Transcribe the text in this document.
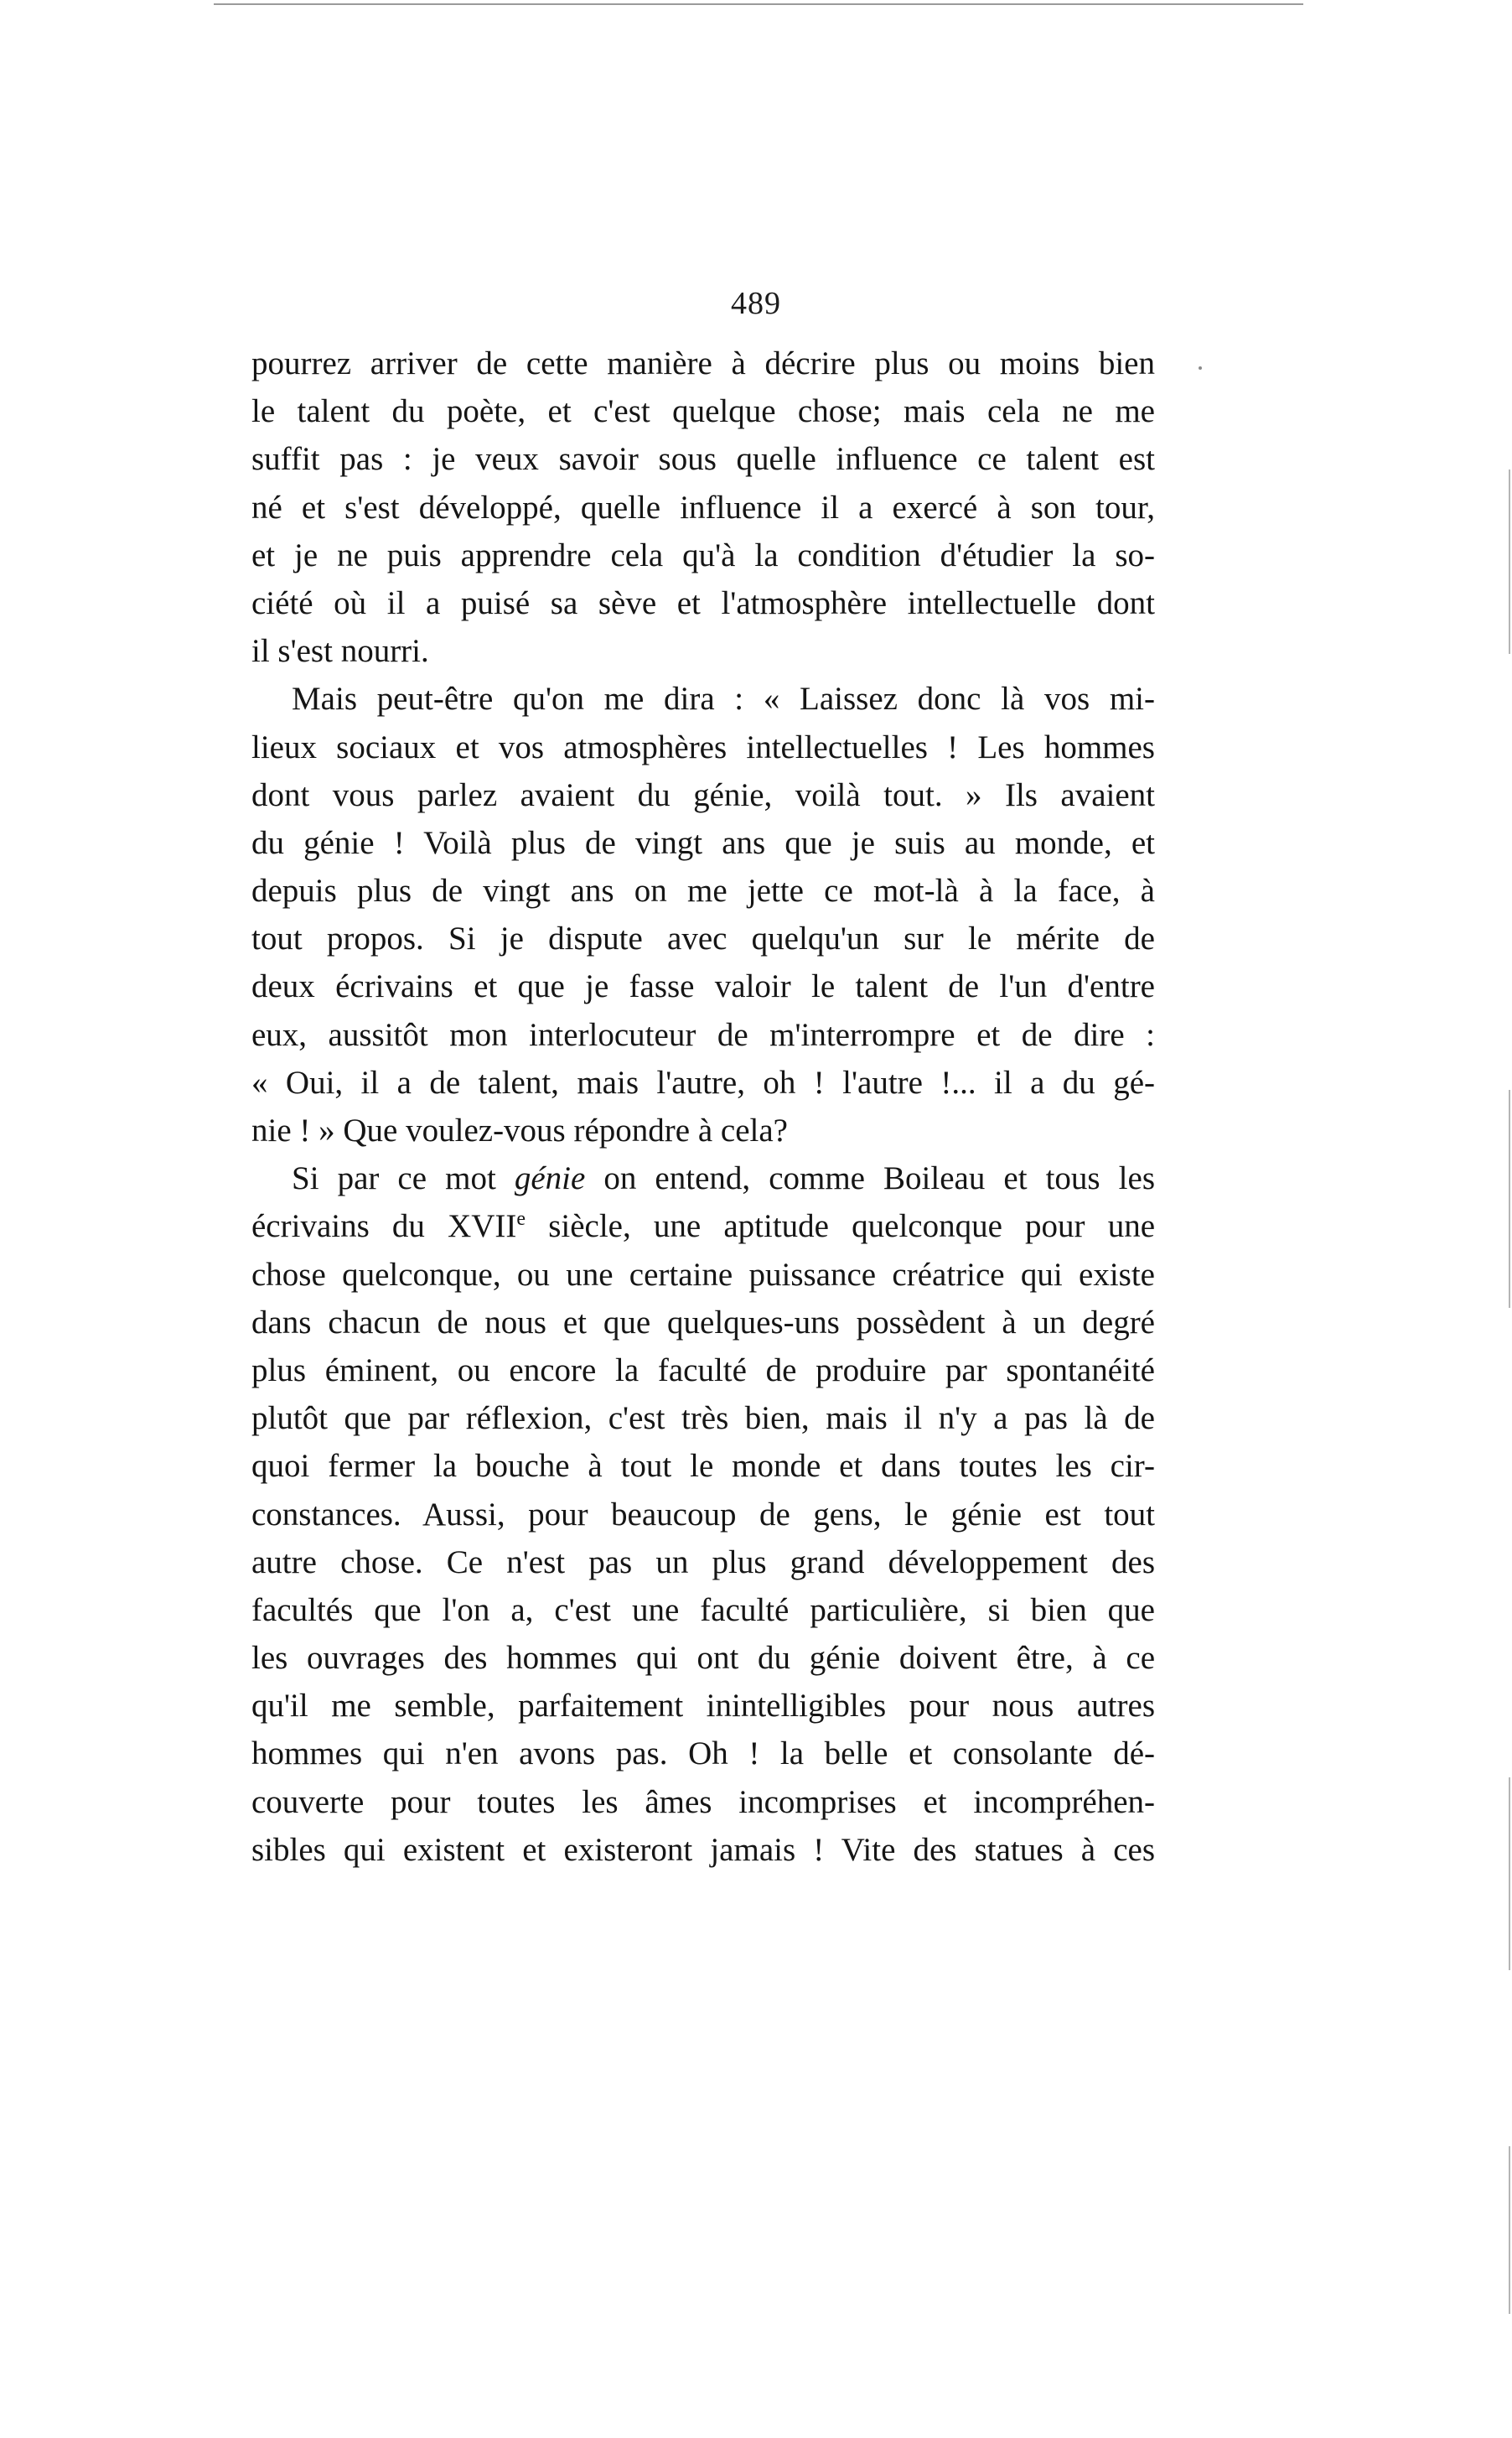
489
pourrez arriver de cette manière à décrire plus ou moins bien
le talent du poète, et c'est quelque chose; mais cela ne me
suffit pas : je veux savoir sous quelle influence ce talent est
né et s'est développé, quelle influence il a exercé à son tour,
et je ne puis apprendre cela qu'à la condition d'étudier la so-
ciété où il a puisé sa sève et l'atmosphère intellectuelle dont
il s'est nourri.
Mais peut-être qu'on me dira : « Laissez donc là vos mi-
lieux sociaux et vos atmosphères intellectuelles ! Les hommes
dont vous parlez avaient du génie, voilà tout. » Ils avaient
du génie ! Voilà plus de vingt ans que je suis au monde, et
depuis plus de vingt ans on me jette ce mot-là à la face, à
tout propos. Si je dispute avec quelqu'un sur le mérite de
deux écrivains et que je fasse valoir le talent de l'un d'entre
eux, aussitôt mon interlocuteur de m'interrompre et de dire :
« Oui, il a de talent, mais l'autre, oh ! l'autre !... il a du gé-
nie ! » Que voulez-vous répondre à cela?
Si par ce mot génie on entend, comme Boileau et tous les
écrivains du XVIIe siècle, une aptitude quelconque pour une
chose quelconque, ou une certaine puissance créatrice qui existe
dans chacun de nous et que quelques-uns possèdent à un degré
plus éminent, ou encore la faculté de produire par spontanéité
plutôt que par réflexion, c'est très bien, mais il n'y a pas là de
quoi fermer la bouche à tout le monde et dans toutes les cir-
constances. Aussi, pour beaucoup de gens, le génie est tout
autre chose. Ce n'est pas un plus grand développement des
facultés que l'on a, c'est une faculté particulière, si bien que
les ouvrages des hommes qui ont du génie doivent être, à ce
qu'il me semble, parfaitement inintelligibles pour nous autres
hommes qui n'en avons pas. Oh ! la belle et consolante dé-
couverte pour toutes les âmes incomprises et incompréhen-
sibles qui existent et existeront jamais ! Vite des statues à ces
